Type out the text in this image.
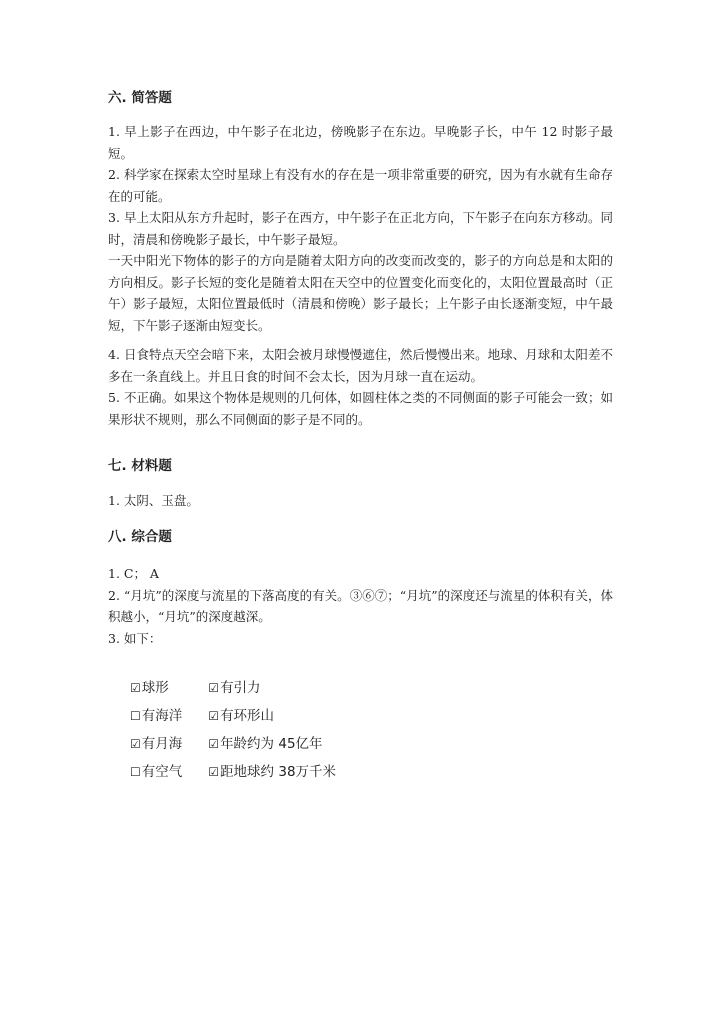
六. 简答题

1. 早上影子在西边，中午影子在北边，傍晚影子在东边。早晚影子长，中午 12 时影子最短。

2. 科学家在探索太空时星球上有没有水的存在是一项非常重要的研究，因为有水就有生命存在的可能。

3. 早上太阳从东方升起时，影子在西方，中午影子在正北方向，下午影子在向东方移动。同时，清晨和傍晚影子最长，中午影子最短。

一天中阳光下物体的影子的方向是随着太阳方向的改变而改变的，影子的方向总是和太阳的方向相反。影子长短的变化是随着太阳在天空中的位置变化而变化的，太阳位置最高时（正午）影子最短，太阳位置最低时（清晨和傍晚）影子最长；上午影子由长逐渐变短，中午最短，下午影子逐渐由短变长。

4. 日食特点天空会暗下来，太阳会被月球慢慢遮住，然后慢慢出来。地球、月球和太阳差不多在一条直线上。并且日食的时间不会太长，因为月球一直在运动。

5. 不正确。如果这个物体是规则的几何体，如圆柱体之类的不同侧面的影子可能会一致；如果形状不规则，那么不同侧面的影子是不同的。

七. 材料题

1. 太阴、玉盘。

八. 综合题

1. C； A

2. “月坑”的深度与流星的下落高度的有关。③⑥⑦；“月坑”的深度还与流星的体积有关，体积越小，“月坑”的深度越深。

3. 如下：

☑球形	☑有引力
☐有海洋 ☑有环形山
☑有月海 ☑年龄约为 45亿年
☐有空气 ☑距地球约 38万千米
